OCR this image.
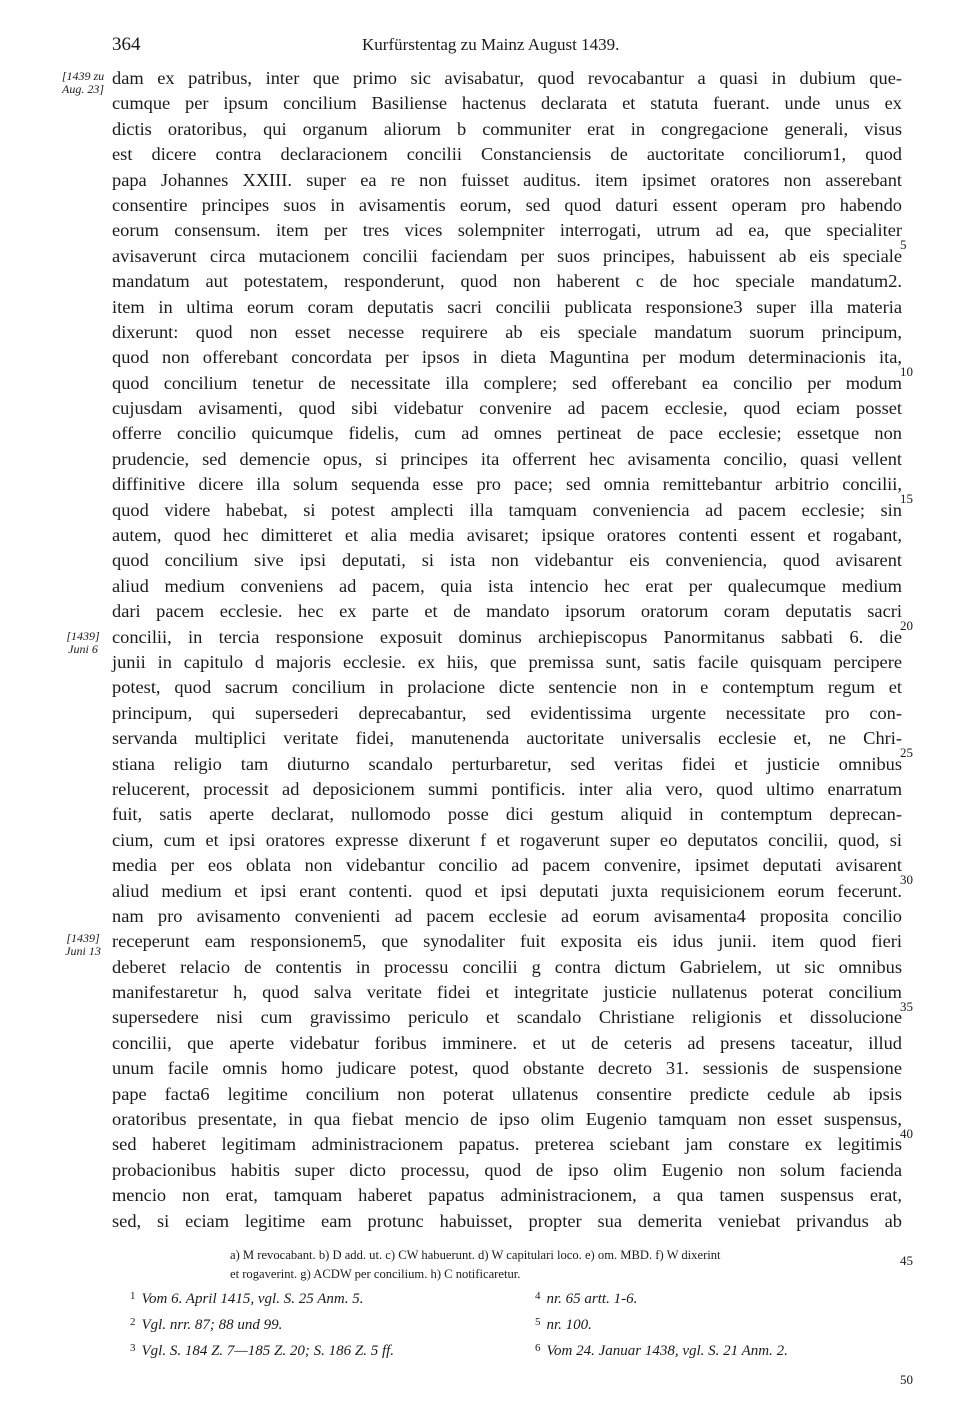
364	Kurfürstentag zu Mainz August 1439.
[1439 zu Aug. 23]
[1439] Juni 6
[1439] Juni 13
dam ex patribus, inter que primo sic avisabatur, quod revocabantur a quasi in dubium que-
cumque per ipsum concilium Basiliense hactenus declarata et statuta fuerant. unde unus ex
dictis oratoribus, qui organum aliorum b communiter erat in congregacione generali, visus
est dicere contra declaracionem concilii Constanciensis de auctoritate conciliorum1, quod
papa Johannes XXIII. super ea re non fuisset auditus. item ipsimet oratores non asserebant
consentire principes suos in avisamentis eorum, sed quod daturi essent operam pro habendo
eorum consensum. item per tres vices solempniter interrogati, utrum ad ea, que specialiter
avisaverunt circa mutacionem concilii faciendam per suos principes, habuissent ab eis speciale
mandatum aut potestatem, responderunt, quod non haberent c de hoc speciale mandatum2.
item in ultima eorum coram deputatis sacri concilii publicata responsione3 super illa materia
dixerunt: quod non esset necesse requirere ab eis speciale mandatum suorum principum,
quod non offerebant concordata per ipsos in dieta Maguntina per modum determinacionis ita,
quod concilium tenetur de necessitate illa complere; sed offerebant ea concilio per modum
cujusdam avisamenti, quod sibi videbatur convenire ad pacem ecclesie, quod eciam posset
offerre concilio quicumque fidelis, cum ad omnes pertineat de pace ecclesie; essetque non
prudencie, sed demencie opus, si principes ita offerrent hec avisamenta concilio, quasi vellent
diffinitive dicere illa solum sequenda esse pro pace; sed omnia remittebantur arbitrio concilii,
quod videre habebat, si potest amplecti illa tamquam conveniencia ad pacem ecclesie; sin
autem, quod hec dimitteret et alia media avisaret; ipsique oratores contenti essent et rogabant,
quod concilium sive ipsi deputati, si ista non videbantur eis conveniencia, quod avisarent
aliud medium conveniens ad pacem, quia ista intencio hec erat per qualecumque medium
dari pacem ecclesie. hec ex parte et de mandato ipsorum oratorum coram deputatis sacri
concilii, in tercia responsione exposuit dominus archiepiscopus Panormitanus sabbati 6. die
junii in capitulo d majoris ecclesie. ex hiis, que premissa sunt, satis facile quisquam percipere
potest, quod sacrum concilium in prolacione dicte sentencie non in e contemptum regum et
principum, qui supersederi deprecabantur, sed evidentissima urgente necessitate pro con-
servanda multiplici veritate fidei, manutenenda auctoritate universalis ecclesie et, ne Chri-
stiana religio tam diuturno scandalo perturbaretur, sed veritas fidei et justicie omnibus
relucerent, processit ad deposicionem summi pontificis. inter alia vero, quod ultimo enarratum
fuit, satis aperte declarat, nullomodo posse dici gestum aliquid in contemptum deprecan-
cium, cum et ipsi oratores expresse dixerunt f et rogaverunt super eo deputatos concilii, quod, si
media per eos oblata non videbantur concilio ad pacem convenire, ipsimet deputati avisarent
aliud medium et ipsi erant contenti. quod et ipsi deputati juxta requisicionem eorum fecerunt.
nam pro avisamento convenienti ad pacem ecclesie ad eorum avisamenta4 proposita concilio
receperunt eam responsionem5, que synodaliter fuit exposita eis idus junii. item quod fieri
deberet relacio de contentis in processu concilii g contra dictum Gabrielem, ut sic omnibus
manifestaretur h, quod salva veritate fidei et integritate justicie nullatenus poterat concilium
supersedere nisi cum gravissimo periculo et scandalo Christiane religionis et dissolucione
concilii, que aperte videbatur foribus imminere. et ut de ceteris ad presens taceatur, illud
unum facile omnis homo judicare potest, quod obstante decreto 31. sessionis de suspensione
pape facta6 legitime concilium non poterat ullatenus consentire predicte cedule ab ipsis
oratoribus presentate, in qua fiebat mencio de ipso olim Eugenio tamquam non esset suspensus,
sed haberet legitimam administracionem papatus. preterea sciebant jam constare ex legitimis
probacionibus habitis super dicto processu, quod de ipso olim Eugenio non solum facienda
mencio non erat, tamquam haberet papatus administracionem, a qua tamen suspensus erat,
sed, si eciam legitime eam protunc habuisset, propter sua demerita veniebat privandus ab
5
10
15
20
25
30
35
40
45
50
a) M revocabant. b) D add. ut. c) CW habuerunt. d) W capitulari loco. e) om. MBD. f) W dixerint
et rogaverint. g) ACDW per concilium. h) C notificaretur.
$^1$ Vom 6. April 1415, vgl. S. 25 Anm. 5.
$^2$ Vgl. nrr. 87; 88 und 99.
$^3$ Vgl. S. 184 Z. 7—185 Z. 20; S. 186 Z. 5 ff.
$^4$ nr. 65 artt. 1-6.
$^5$ nr. 100.
$^6$ Vom 24. Januar 1438, vgl. S. 21 Anm. 2.
